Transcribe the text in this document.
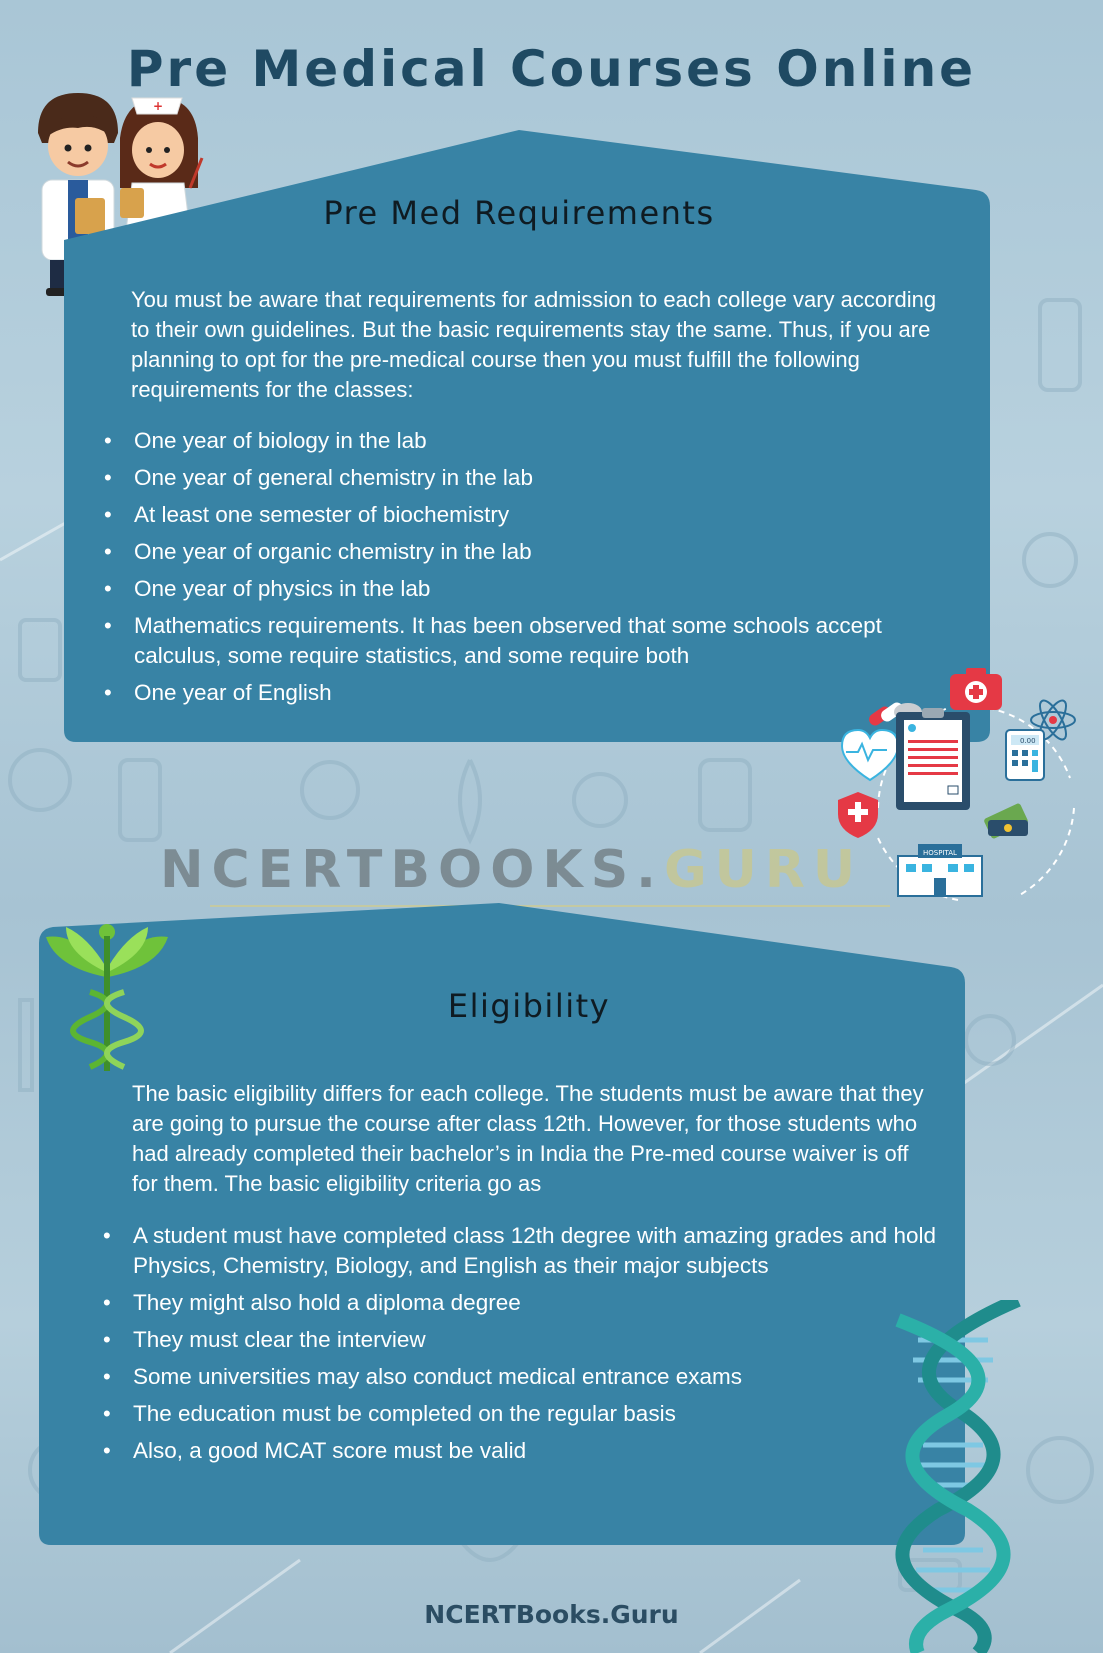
Pre Medical Courses Online
+
Pre Med Requirements

You must be aware that requirements for admission to each college vary according to their own guidelines. But the basic requirements stay the same. Thus, if you are planning to opt for the pre-medical course then you must fulfill the following requirements for the classes:

• One year of biology in the lab
• One year of general chemistry in the lab
• At least one semester of biochemistry
• One year of organic chemistry in the lab
• One year of physics in the lab
• Mathematics requirements. It has been observed that some schools accept calculus, some require statistics, and some require both
• One year of English
0.00
HOSPITAL
NCERTBOOKS.GURU
Eligibility

The basic eligibility differs for each college. The students must be aware that they are going to pursue the course after class 12th. However, for those students who had already completed their bachelor’s in India the Pre-med course waiver is off for them. The basic eligibility criteria go as

• A student must have completed class 12th degree with amazing grades and hold Physics, Chemistry, Biology, and English as their major subjects
• They might also hold a diploma degree
• They must clear the interview
• Some universities may also conduct medical entrance exams
• The education must be completed on the regular basis
• Also, a good MCAT score must be valid
NCERTBooks.Guru
